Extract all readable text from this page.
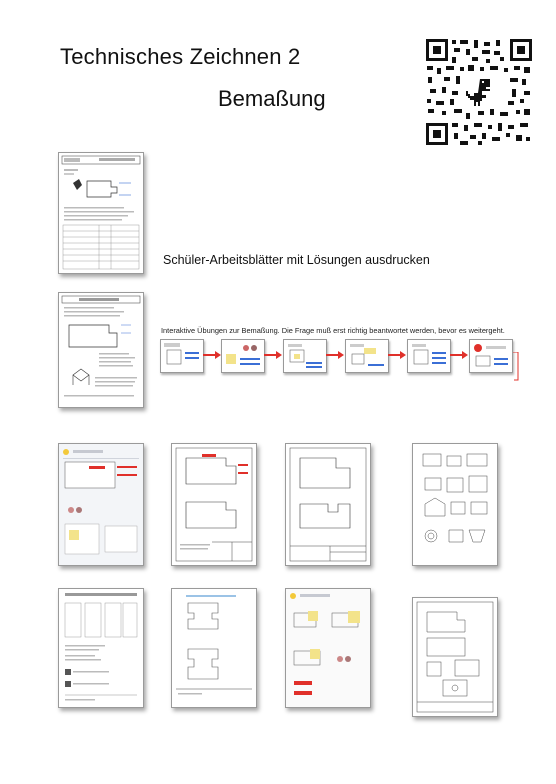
Technisches Zeichnen 2
Bemaßung
Schüler-Arbeitsblätter mit Lösungen ausdrucken
Interaktive Übungen zur Bemaßung. Die Frage muß erst richtig beantwortet werden, bevor es weitergeht.
